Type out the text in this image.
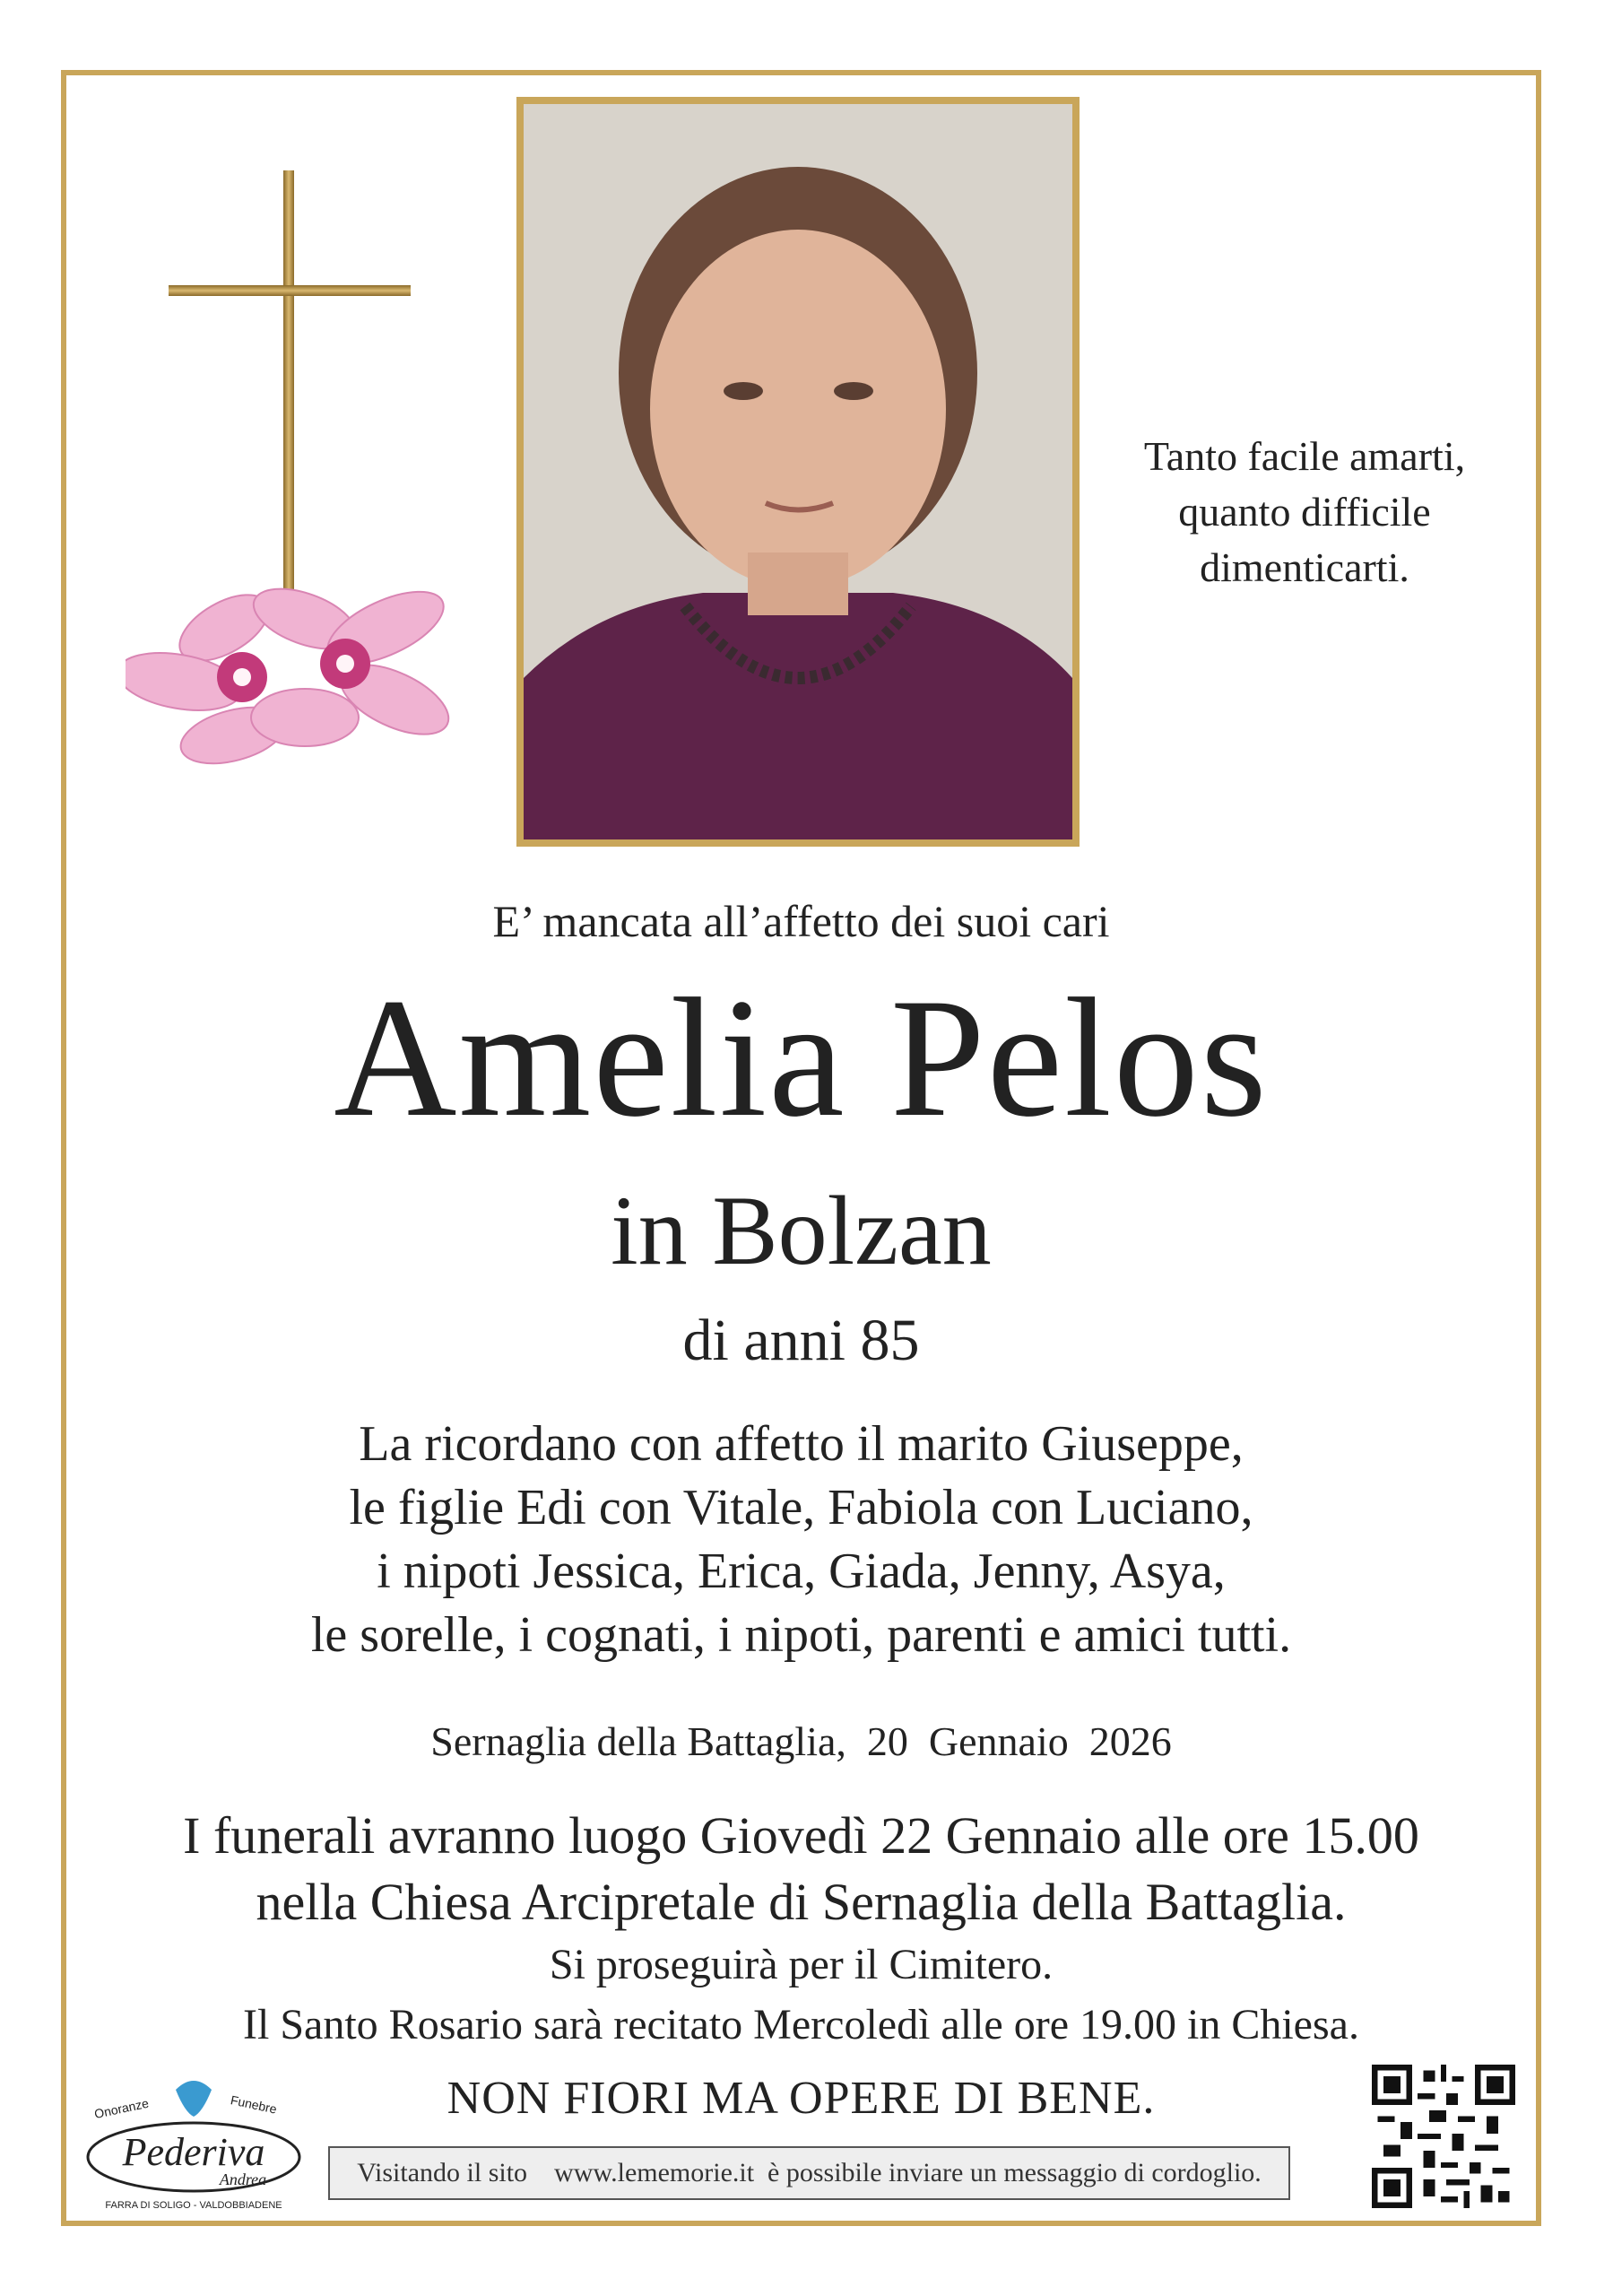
Tanto facile amarti,
quanto difficile
dimenticarti.
E’ mancata all’affetto dei suoi cari
Amelia Pelos
in Bolzan
di anni 85
La ricordano con affetto il marito Giuseppe,
le figlie Edi con Vitale, Fabiola con Luciano,
i nipoti Jessica, Erica, Giada, Jenny, Asya,
le sorelle, i cognati, i nipoti, parenti e amici tutti.
Sernaglia della Battaglia,  20  Gennaio  2026
I funerali avranno luogo Giovedì 22 Gennaio alle ore 15.00
nella Chiesa Arcipretale di Sernaglia della Battaglia.
Si proseguirà per il Cimitero.
Il Santo Rosario sarà recitato Mercoledì alle ore 19.00 in Chiesa.
NON FIORI MA OPERE DI BENE.
Visitando il sito    www.lememorie.it  è possibile inviare un messaggio di cordoglio.
Onoranze	Funebre
Pederiva
Andrea
FARRA DI SOLIGO - VALDOBBIADENE
